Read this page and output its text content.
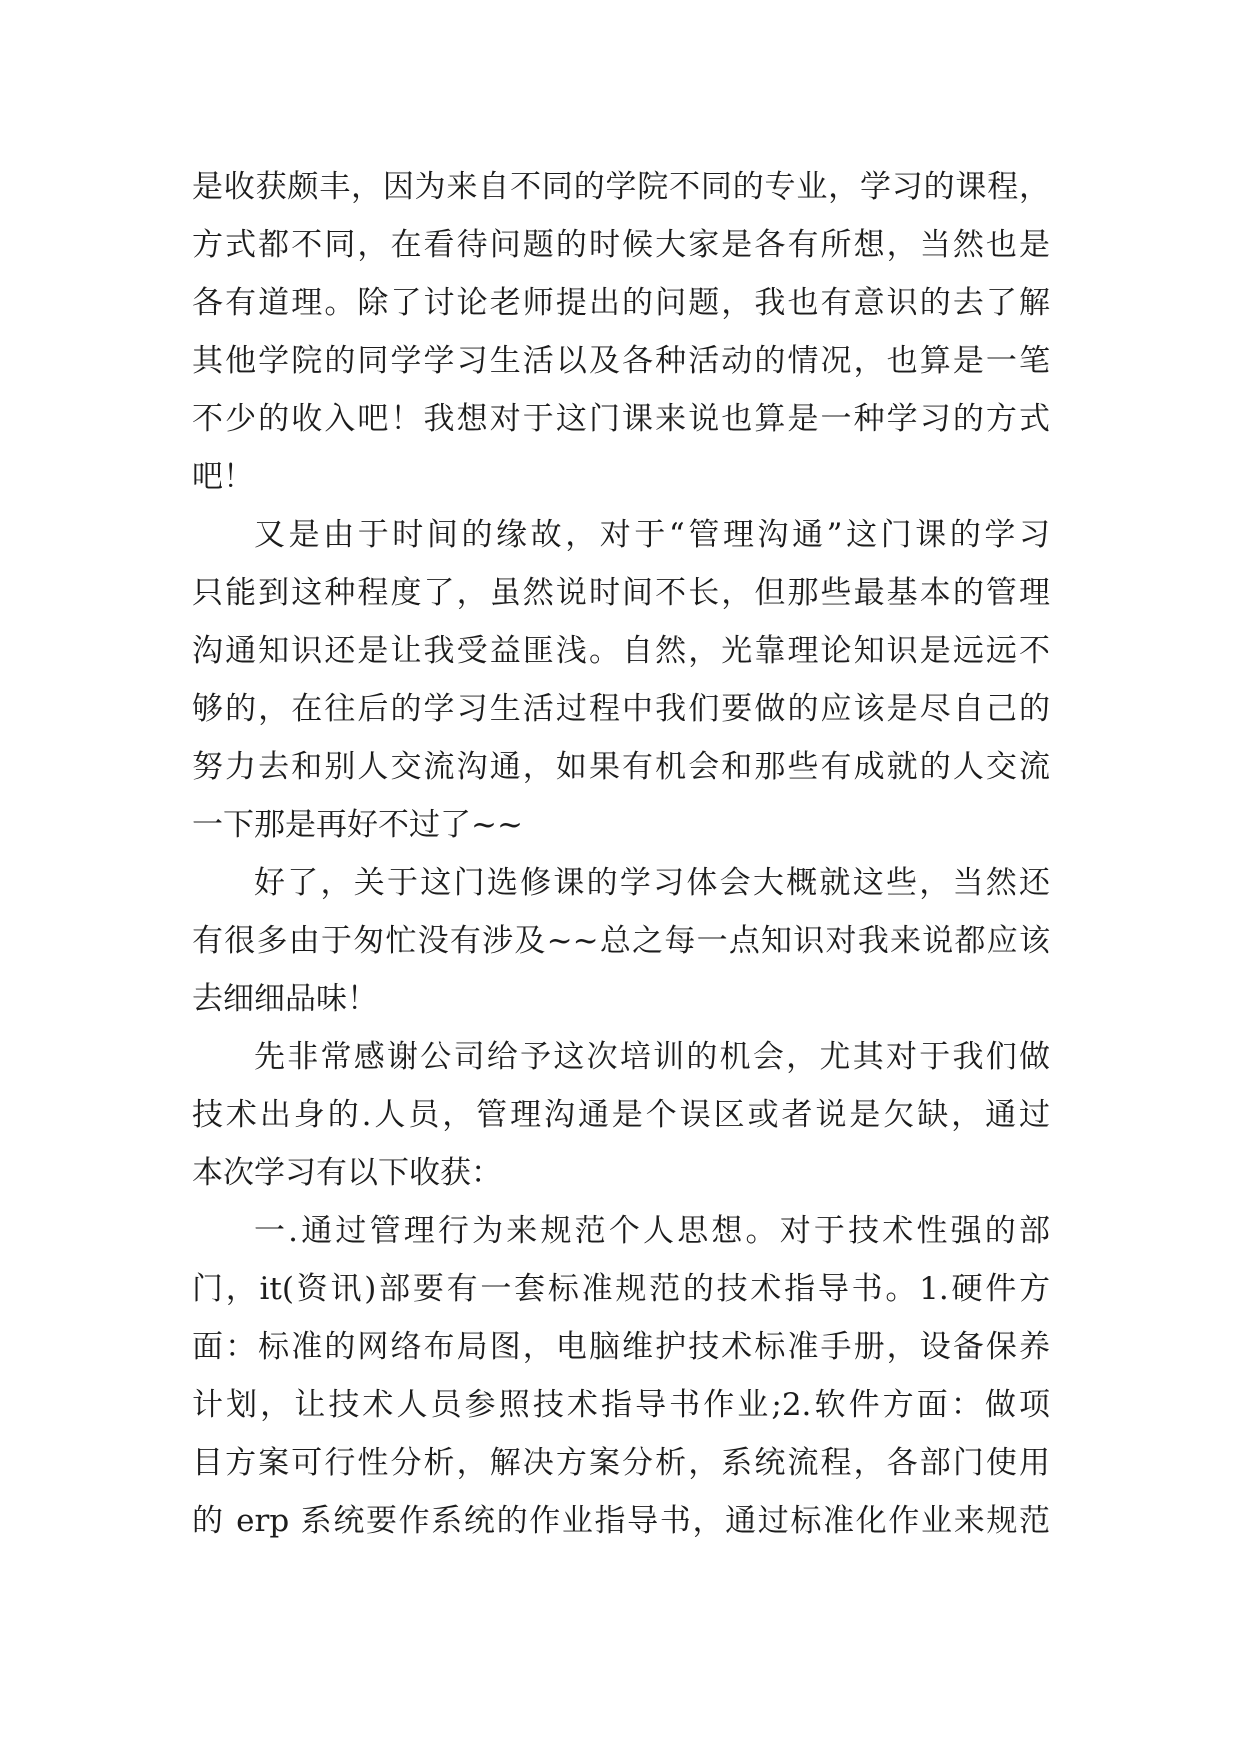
是收获颇丰，因为来自不同的学院不同的专业，学习的课程，
方式都不同，在看待问题的时候大家是各有所想，当然也是
各有道理。除了讨论老师提出的问题，我也有意识的去了解
其他学院的同学学习生活以及各种活动的情况，也算是一笔
不少的收入吧！我想对于这门课来说也算是一种学习的方式
吧！
又是由于时间的缘故，对于“管理沟通”这门课的学习
只能到这种程度了，虽然说时间不长，但那些最基本的管理
沟通知识还是让我受益匪浅。自然，光靠理论知识是远远不
够的，在往后的学习生活过程中我们要做的应该是尽自己的
努力去和别人交流沟通，如果有机会和那些有成就的人交流
一下那是再好不过了~~
好了，关于这门选修课的学习体会大概就这些，当然还
有很多由于匆忙没有涉及~~总之每一点知识对我来说都应该
去细细品味！
先非常感谢公司给予这次培训的机会，尤其对于我们做
技术出身的.人员，管理沟通是个误区或者说是欠缺，通过
本次学习有以下收获：
一.通过管理行为来规范个人思想。对于技术性强的部
门，it(资讯)部要有一套标准规范的技术指导书。1.硬件方
面：标准的网络布局图，电脑维护技术标准手册，设备保养
计划，让技术人员参照技术指导书作业;2.软件方面：做项
目方案可行性分析，解决方案分析，系统流程，各部门使用
的 erp 系统要作系统的作业指导书，通过标准化作业来规范
